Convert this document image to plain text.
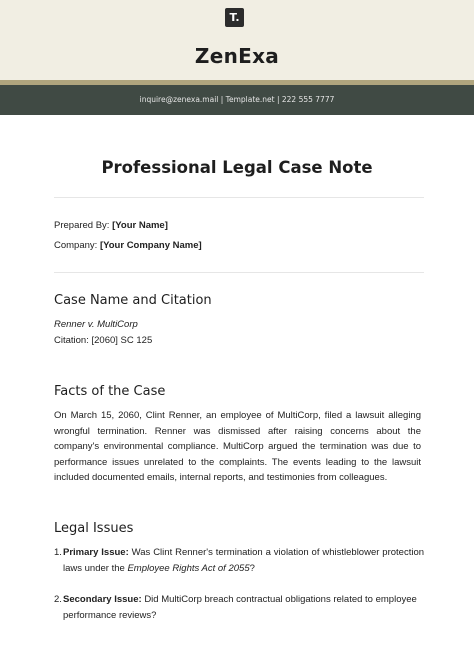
T.
ZenExa
inquire@zenexa.mail | Template.net | 222 555 7777
Professional Legal Case Note
Prepared By: [Your Name]
Company: [Your Company Name]
Case Name and Citation
Renner v. MultiCorp
Citation: [2060] SC 125
Facts of the Case
On March 15, 2060, Clint Renner, an employee of MultiCorp, filed a lawsuit alleging wrongful termination. Renner was dismissed after raising concerns about the company's environmental compliance. MultiCorp argued the termination was due to performance issues unrelated to the complaints. The events leading to the lawsuit included documented emails, internal reports, and testimonies from colleagues.
Legal Issues
1. Primary Issue: Was Clint Renner's termination a violation of whistleblower protection laws under the Employee Rights Act of 2055?
2. Secondary Issue: Did MultiCorp breach contractual obligations related to employee performance reviews?
